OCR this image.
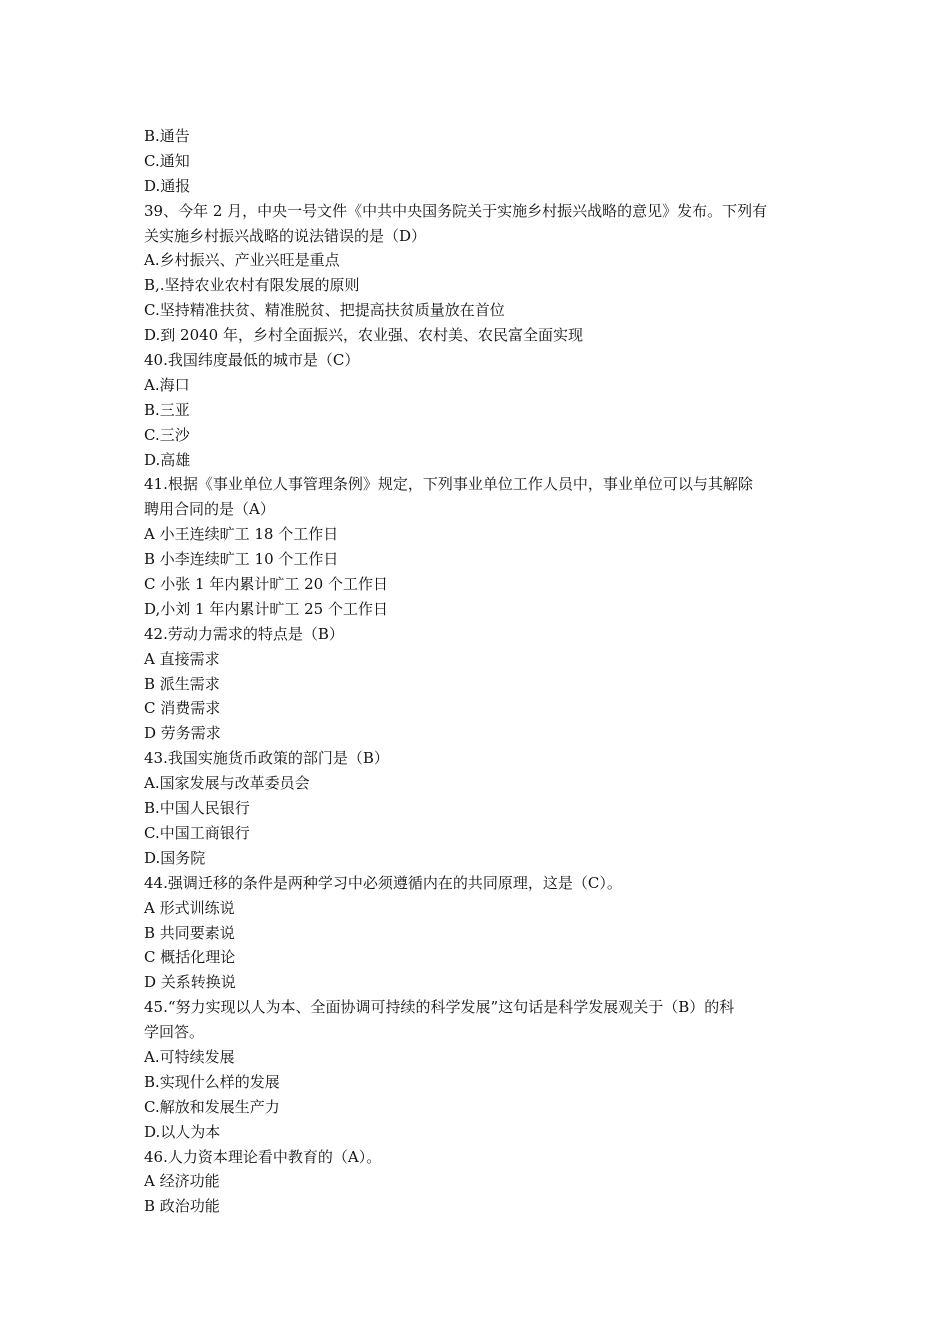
B.通告
C.通知
D.通报
39、今年 2 月，中央一号文件《中共中央国务院关于实施乡村振兴战略的意见》发布。下列有
关实施乡村振兴战略的说法错误的是（D）
A.乡村振兴、产业兴旺是重点
B,.坚持农业农村有限发展的原则
C.坚持精准扶贫、精准脱贫、把提高扶贫质量放在首位
D.到 2040 年，乡村全面振兴，农业强、农村美、农民富全面实现
40.我国纬度最低的城市是（C）
A.海口
B.三亚
C.三沙
D.高雄
41.根据《事业单位人事管理条例》规定，下列事业单位工作人员中，事业单位可以与其解除
聘用合同的是（A）
A 小王连续旷工 18 个工作日
B 小李连续旷工 10 个工作日
C 小张 1 年内累计旷工 20 个工作日
D,小刘 1 年内累计旷工 25 个工作日
42.劳动力需求的特点是（B）
A 直接需求
B 派生需求
C 消费需求
D 劳务需求
43.我国实施货币政策的部门是（B）
A.国家发展与改革委员会
B.中国人民银行
C.中国工商银行
D.国务院
44.强调迁移的条件是两种学习中必须遵循内在的共同原理，这是（C）。
A 形式训练说
B 共同要素说
C 概括化理论
D 关系转换说
45.“努力实现以人为本、全面协调可持续的科学发展”这句话是科学发展观关于（B）的科
学回答。
A.可特续发展
B.实现什么样的发展
C.解放和发展生产力
D.以人为本
46.人力资本理论看中教育的（A）。
A 经济功能
B 政治功能
